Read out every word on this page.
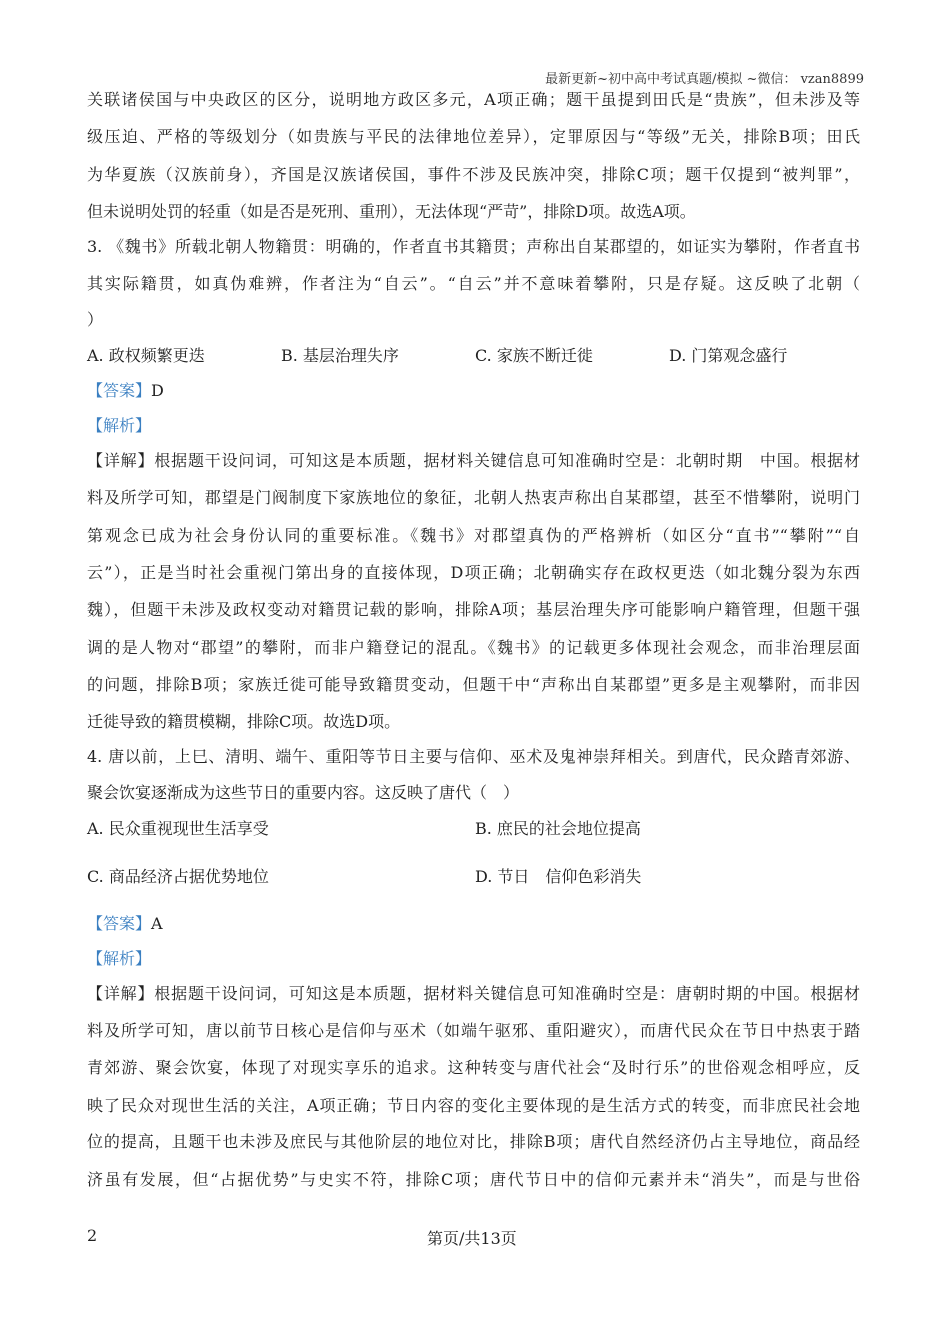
最新更新~初中高中考试真题/模拟 ~微信： vzan8899
关联诸侯国与中央政区的区分，说明地方政区多元，A项正确；题干虽提到田氏是“贵族”，但未涉及等
级压迫、严格的等级划分（如贵族与平民的法律地位差异），定罪原因与“等级”无关，排除B项；田氏
为华夏族（汉族前身），齐国是汉族诸侯国，事件不涉及民族冲突，排除C项；题干仅提到“被判罪”，
但未说明处罚的轻重（如是否是死刑、重刑），无法体现“严苛”，排除D项。故选A项。
3. 《魏书》所载北朝人物籍贯：明确的，作者直书其籍贯；声称出自某郡望的，如证实为攀附，作者直书
其实际籍贯，如真伪难辨，作者注为“自云”。“自云”并不意味着攀附，只是存疑。这反映了北朝（
）
A. 政权频繁更迭	B. 基层治理失序	C. 家族不断迁徙	D. 门第观念盛行
【答案】D
【解析】
【详解】根据题干设问词，可知这是本质题，据材料关键信息可知准确时空是：北朝时期　中国。根据材
料及所学可知，郡望是门阀制度下家族地位的象征，北朝人热衷声称出自某郡望，甚至不惜攀附，说明门
第观念已成为社会身份认同的重要标准。《魏书》对郡望真伪的严格辨析（如区分“直书”“攀附”“自
云”），正是当时社会重视门第出身的直接体现，D项正确；北朝确实存在政权更迭（如北魏分裂为东西
魏），但题干未涉及政权变动对籍贯记载的影响，排除A项；基层治理失序可能影响户籍管理，但题干强
调的是人物对“郡望”的攀附，而非户籍登记的混乱。《魏书》的记载更多体现社会观念，而非治理层面
的问题，排除B项；家族迁徙可能导致籍贯变动，但题干中“声称出自某郡望”更多是主观攀附，而非因
迁徙导致的籍贯模糊，排除C项。故选D项。
4. 唐以前，上巳、清明、端午、重阳等节日主要与信仰、巫术及鬼神崇拜相关。到唐代，民众踏青郊游、
聚会饮宴逐渐成为这些节日的重要内容。这反映了唐代（　）
A. 民众重视现世生活享受	B. 庶民的社会地位提高
C. 商品经济占据优势地位	D. 节日　信仰色彩消失
【答案】A
【解析】
【详解】根据题干设问词，可知这是本质题，据材料关键信息可知准确时空是：唐朝时期的中国。根据材
料及所学可知，唐以前节日核心是信仰与巫术（如端午驱邪、重阳避灾），而唐代民众在节日中热衷于踏
青郊游、聚会饮宴，体现了对现实享乐的追求。这种转变与唐代社会“及时行乐”的世俗观念相呼应，反
映了民众对现世生活的关注，A项正确；节日内容的变化主要体现的是生活方式的转变，而非庶民社会地
位的提高，且题干也未涉及庶民与其他阶层的地位对比，排除B项；唐代自然经济仍占主导地位，商品经
济虽有发展，但“占据优势”与史实不符，排除C项；唐代节日中的信仰元素并未“消失”，而是与世俗
2	第页/共13页
